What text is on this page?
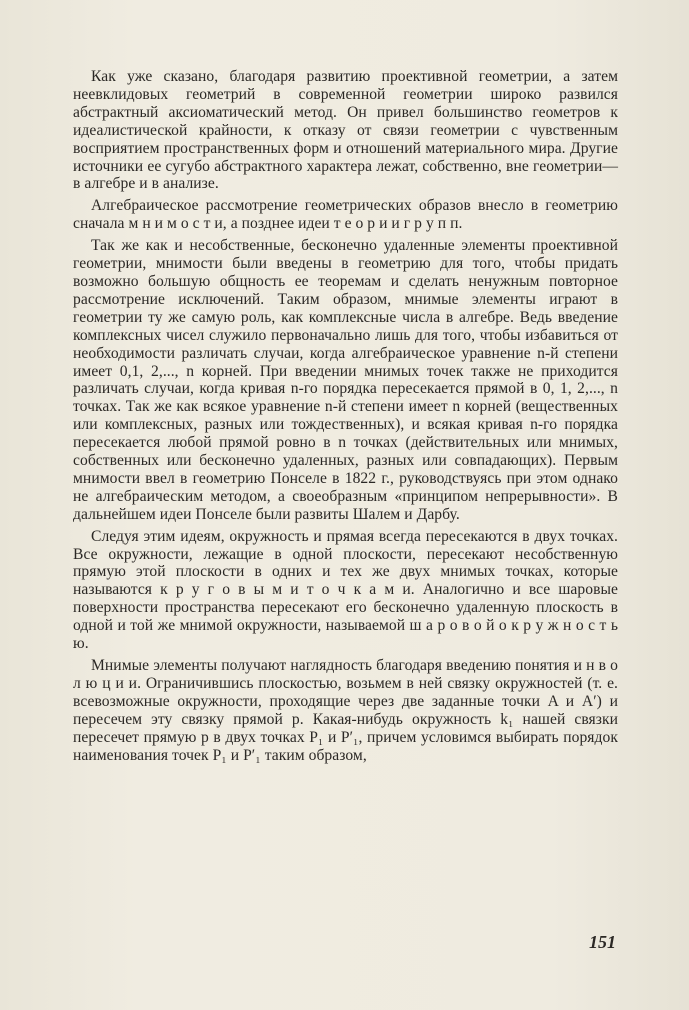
Как уже сказано, благодаря развитию проективной геометрии, а затем неевклидовых геометрий в современной геометрии широко развился абстрактный аксиоматический метод. Он привел большинство геометров к идеалистической крайности, к отказу от связи геометрии с чувственным восприятием пространственных форм и отношений материального мира. Другие источники ее сугубо абстрактного характера лежат, собственно, вне геометрии—в алгебре и в анализе.

Алгебраическое рассмотрение геометрических образов внесло в геометрию сначала м н и м о с т и, а позднее идеи т е о р и и г р у п п.

Так же как и несобственные, бесконечно удаленные элементы проективной геометрии, мнимости были введены в геометрию для того, чтобы придать возможно большую общность ее теоремам и сделать ненужным повторное рассмотрение исключений. Таким образом, мнимые элементы играют в геометрии ту же самую роль, как комплексные числа в алгебре. Ведь введение комплексных чисел служило первоначально лишь для того, чтобы избавиться от необходимости различать случаи, когда алгебраическое уравнение n-й степени имеет 0,1, 2,..., n корней. При введении мнимых точек также не приходится различать случаи, когда кривая n-го порядка пересекается прямой в 0, 1, 2,..., n точках. Так же как всякое уравнение n-й степени имеет n корней (вещественных или комплексных, разных или тождественных), и всякая кривая n-го порядка пересекается любой прямой ровно в n точках (действительных или мнимых, собственных или бесконечно удаленных, разных или совпадающих). Первым мнимости ввел в геометрию Понселе в 1822 г., руководствуясь при этом однако не алгебраическим методом, а своеобразным «принципом непрерывности». В дальнейшем идеи Понселе были развиты Шалем и Дарбу.

Следуя этим идеям, окружность и прямая всегда пересекаются в двух точках. Все окружности, лежащие в одной плоскости, пересекают несобственную прямую этой плоскости в одних и тех же двух мнимых точках, которые называются к р у г о в ы м и т о ч к а м и. Аналогично и все шаровые поверхности пространства пересекают его бесконечно удаленную плоскость в одной и той же мнимой окружности, называемой ш а р о в о й о к р у ж н о с т ь ю.

Мнимые элементы получают наглядность благодаря введению понятия и н в о л ю ц и и. Ограничившись плоскостью, возьмем в ней связку окружностей (т. е. всевозможные окружности, проходящие через две заданные точки A и A′) и пересечем эту связку прямой p. Какая-нибудь окружность k₁ нашей связки пересечет прямую p в двух точках P₁ и P′₁, причем условимся выбирать порядок наименования точек P₁ и P′₁ таким образом,

151
